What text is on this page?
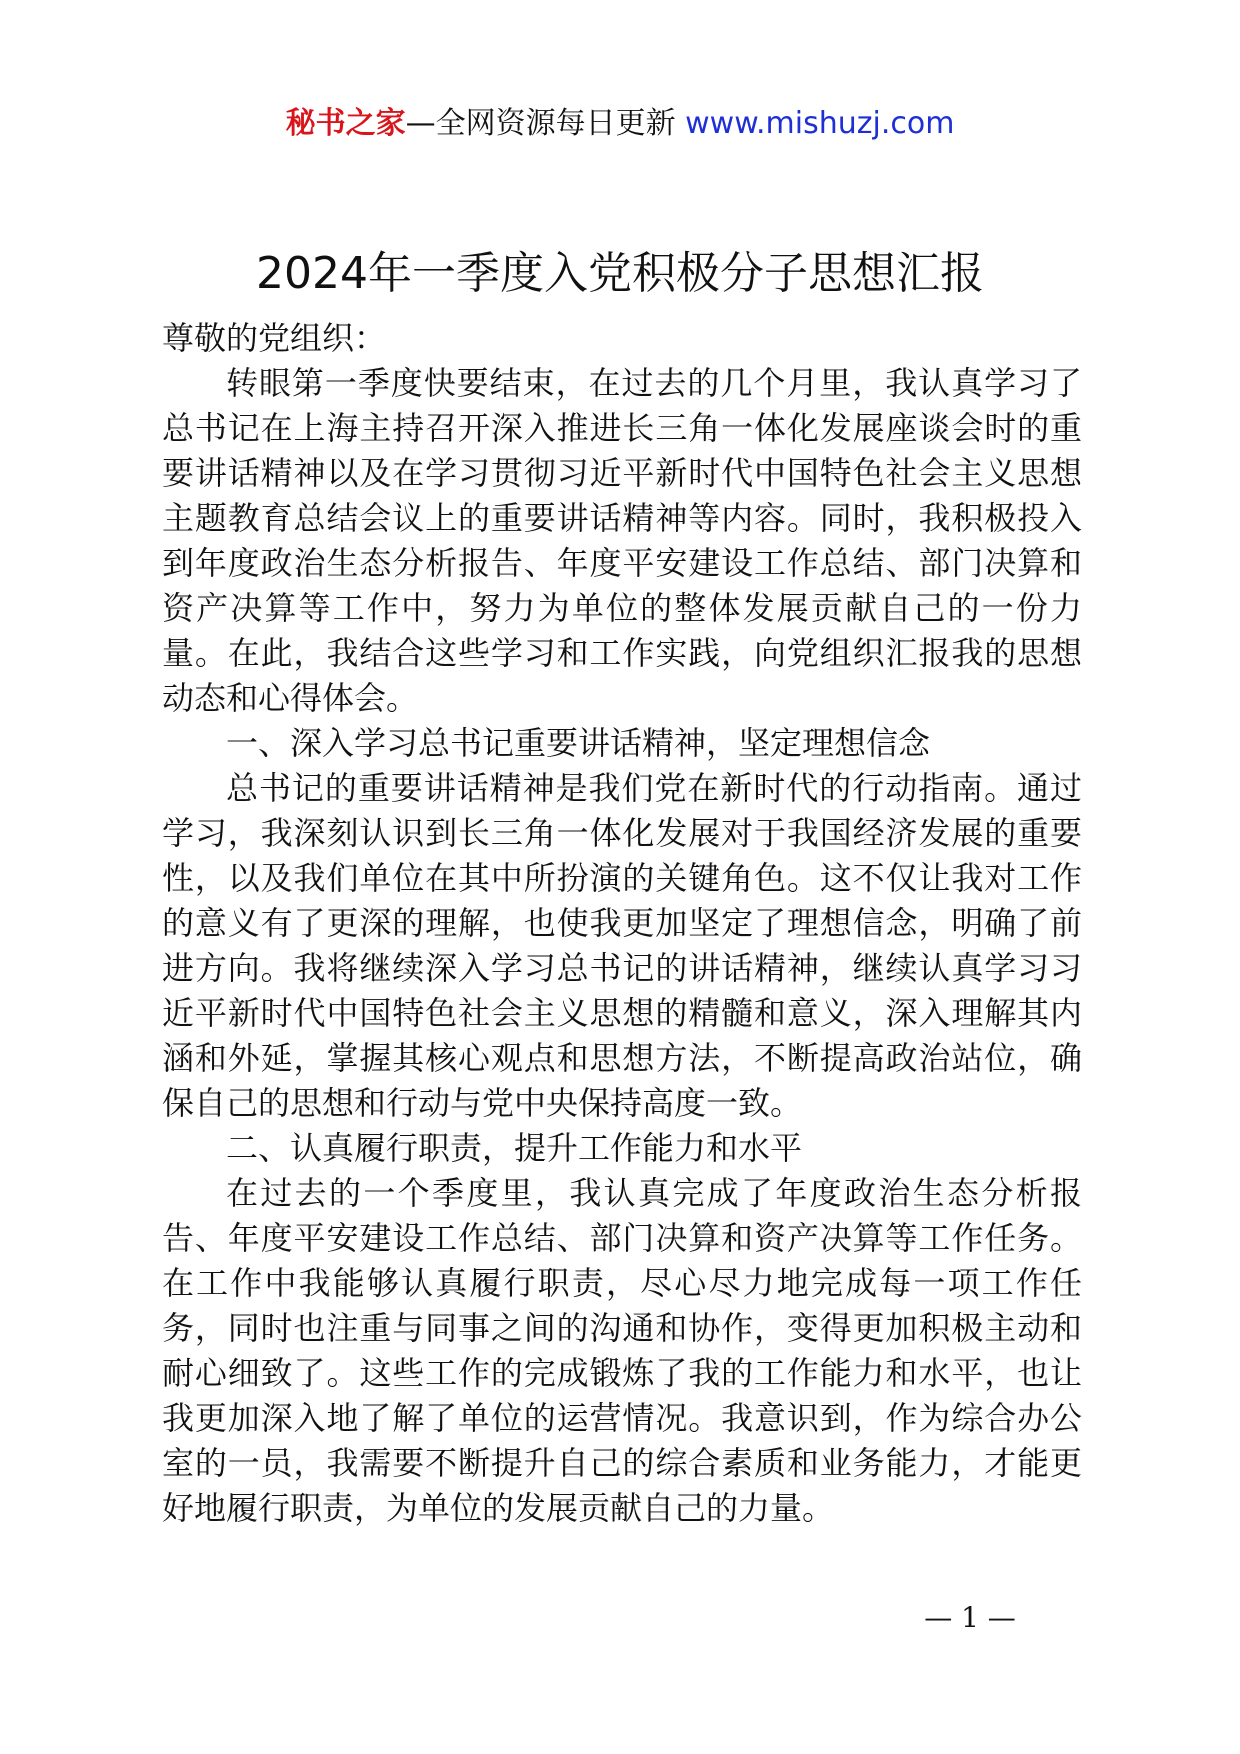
秘书之家—全网资源每日更新 www.mishuzj.com
2024年一季度入党积极分子思想汇报

尊敬的党组织：

转眼第一季度快要结束，在过去的几个月里，我认真学习了总书记在上海主持召开深入推进长三角一体化发展座谈会时的重要讲话精神以及在学习贯彻习近平新时代中国特色社会主义思想主题教育总结会议上的重要讲话精神等内容。同时，我积极投入到年度政治生态分析报告、年度平安建设工作总结、部门决算和资产决算等工作中，努力为单位的整体发展贡献自己的一份力量。在此，我结合这些学习和工作实践，向党组织汇报我的思想动态和心得体会。

一、深入学习总书记重要讲话精神，坚定理想信念

总书记的重要讲话精神是我们党在新时代的行动指南。通过学习，我深刻认识到长三角一体化发展对于我国经济发展的重要性，以及我们单位在其中所扮演的关键角色。这不仅让我对工作的意义有了更深的理解，也使我更加坚定了理想信念，明确了前进方向。我将继续深入学习总书记的讲话精神，继续认真学习习近平新时代中国特色社会主义思想的精髓和意义，深入理解其内涵和外延，掌握其核心观点和思想方法，不断提高政治站位，确保自己的思想和行动与党中央保持高度一致。

二、认真履行职责，提升工作能力和水平

在过去的一个季度里，我认真完成了年度政治生态分析报告、年度平安建设工作总结、部门决算和资产决算等工作任务。在工作中我能够认真履行职责，尽心尽力地完成每一项工作任务，同时也注重与同事之间的沟通和协作，变得更加积极主动和耐心细致了。这些工作的完成锻炼了我的工作能力和水平，也让我更加深入地了解了单位的运营情况。我意识到，作为综合办公室的一员，我需要不断提升自己的综合素质和业务能力，才能更好地履行职责，为单位的发展贡献自己的力量。

— 1 —
